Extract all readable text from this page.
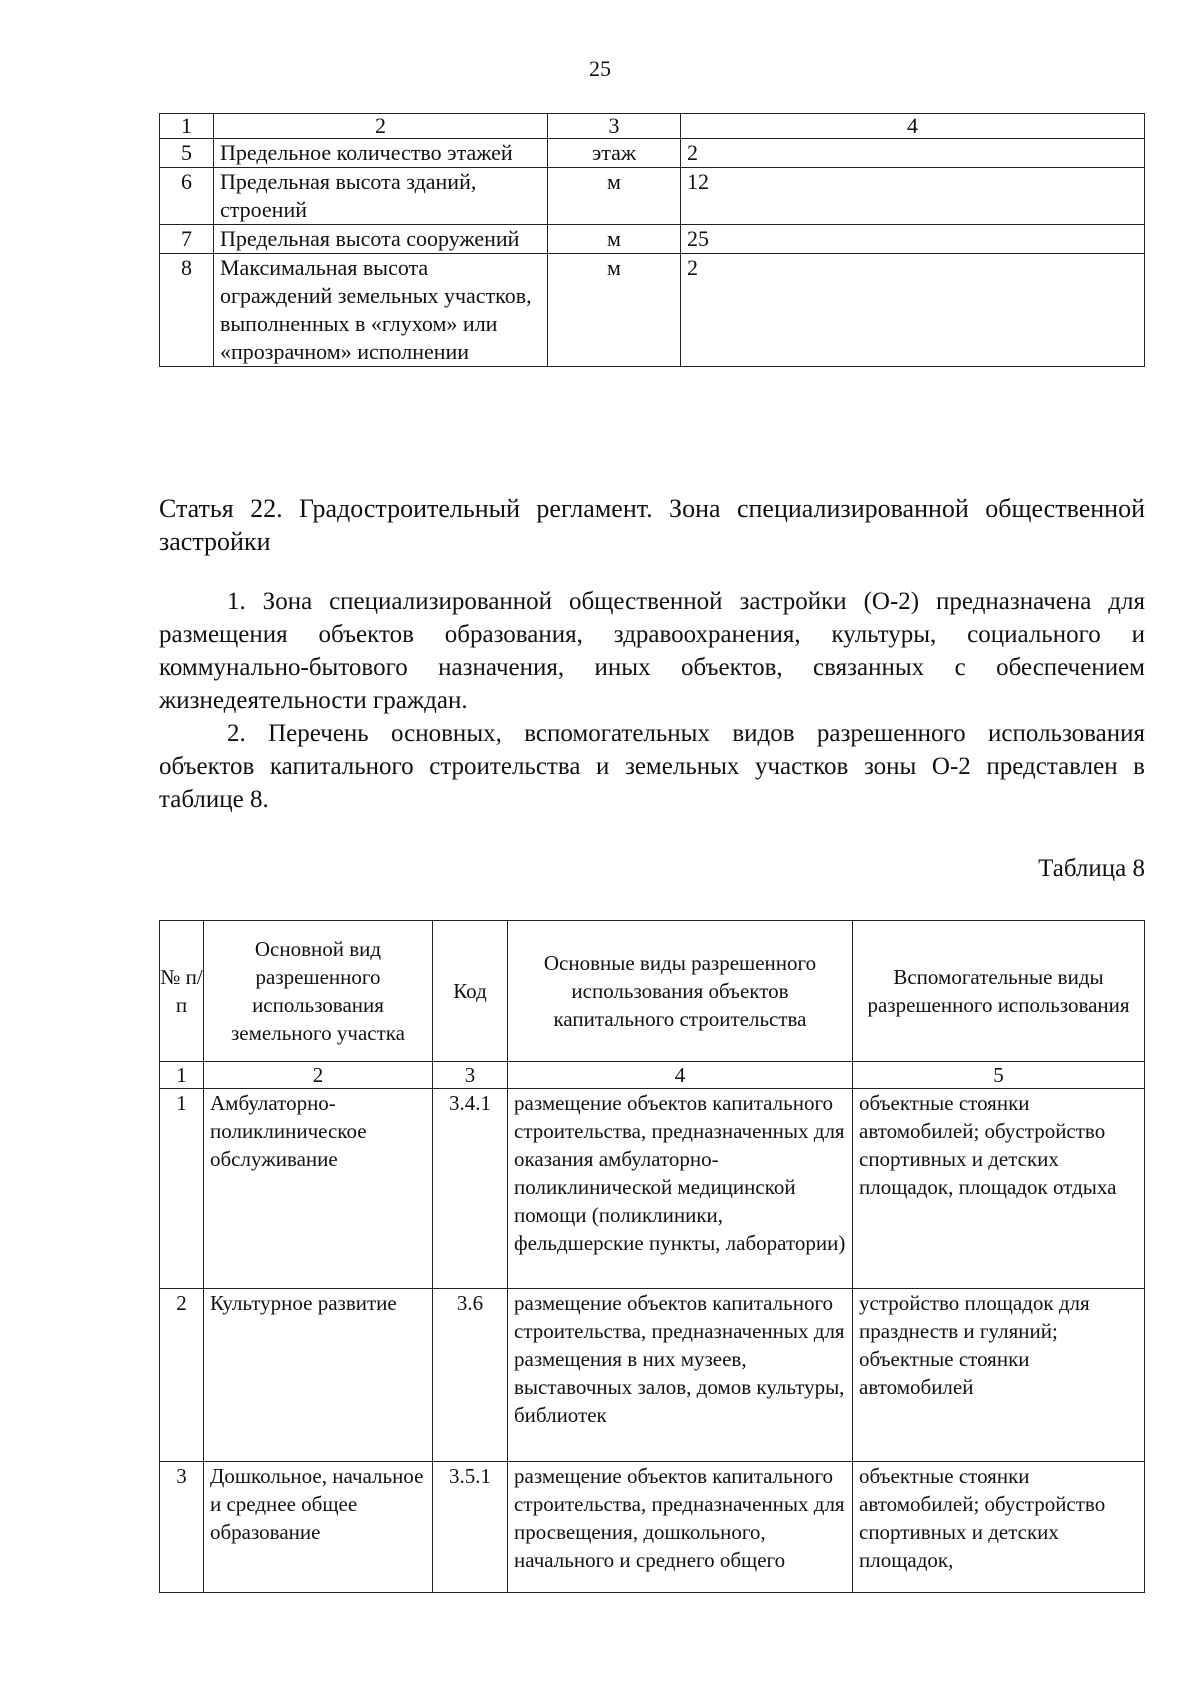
25
1	2	3	4
5	Предельное количество этажей	этаж	2
6	Предельная высота зданий, строений	м	12
7	Предельная высота сооружений	м	25
8	Максимальная высота ограждений земельных участков, выполненных в «глухом» или «прозрачном» исполнении	м	2
Статья 22. Градостроительный регламент. Зона специализированной общественной застройки
1. Зона специализированной общественной застройки (О-2) предназначена для размещения объектов образования, здравоохранения, культуры, социального и коммунально-бытового назначения, иных объектов, связанных с обеспечением жизнедеятельности граждан.
2. Перечень основных, вспомогательных видов разрешенного использования объектов капитального строительства и земельных участков зоны О-2 представлен в таблице 8.
Таблица 8
№ п/п	Основной вид разрешенного использования земельного участка	Код	Основные виды разрешенного использования объектов капитального строительства	Вспомогательные виды разрешенного использования
1	2	3	4	5
1	Амбулаторно-поликлиническое обслуживание	3.4.1	размещение объектов капитального строительства, предназначенных для оказания амбулаторно-поликлинической медицинской помощи (поликлиники, фельдшерские пункты, лаборатории)	объектные стоянки автомобилей; обустройство спортивных и детских площадок, площадок отдыха
2	Культурное развитие	3.6	размещение объектов капитального строительства, предназначенных для размещения в них музеев, выставочных залов, домов культуры, библиотек	устройство площадок для празднеств и гуляний; объектные стоянки автомобилей
3	Дошкольное, начальное и среднее общее образование	3.5.1	размещение объектов капитального строительства, предназначенных для просвещения, дошкольного, начального и среднего общего	объектные стоянки автомобилей; обустройство спортивных и детских площадок,
